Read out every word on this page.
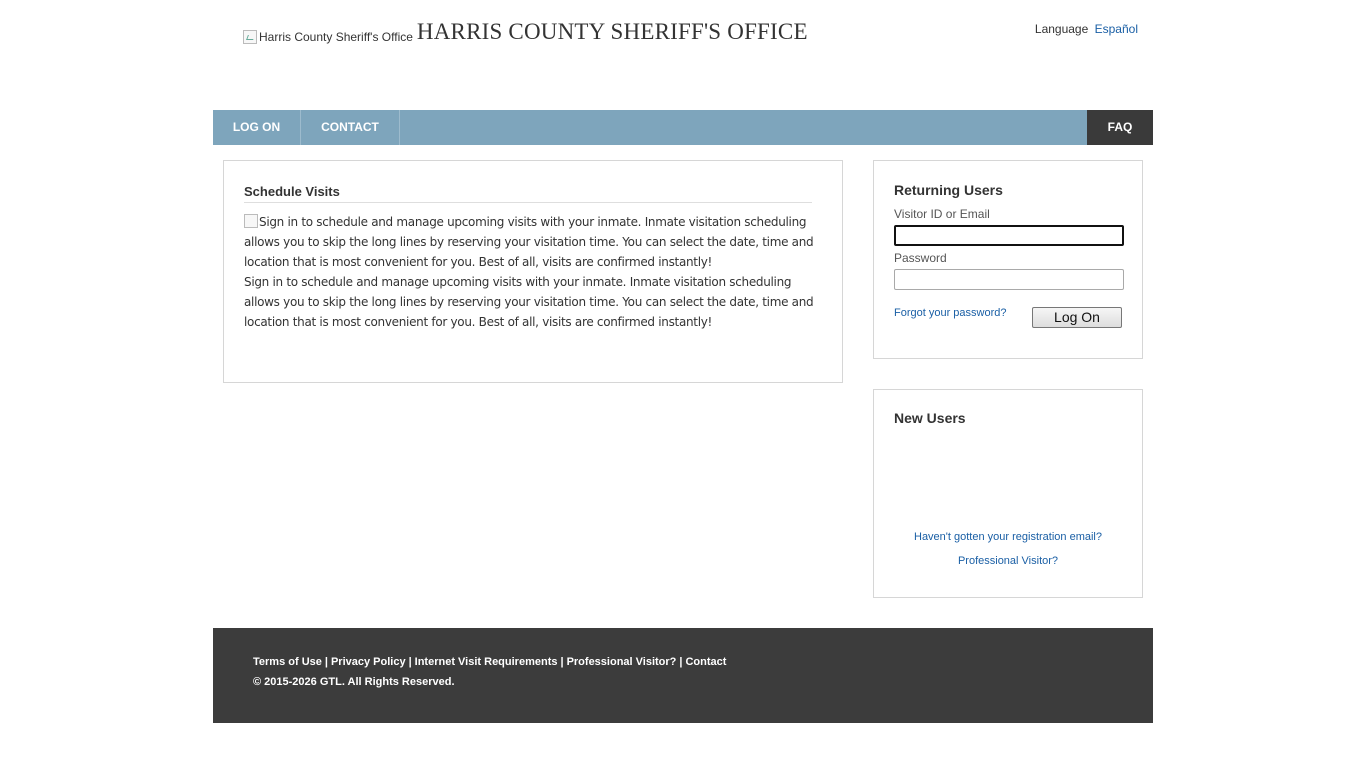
Harris County Sheriff's Office HARRIS COUNTY SHERIFF'S OFFICE	Language Español
LOG ON	CONTACT	FAQ
Schedule Visits
Sign in to schedule and manage upcoming visits with your inmate. Inmate visitation scheduling allows you to skip the long lines by reserving your visitation time. You can select the date, time and location that is most convenient for you. Best of all, visits are confirmed instantly!
Sign in to schedule and manage upcoming visits with your inmate. Inmate visitation scheduling allows you to skip the long lines by reserving your visitation time. You can select the date, time and location that is most convenient for you. Best of all, visits are confirmed instantly!
Returning Users
Visitor ID or Email
Password
Forgot your password?	Log On
New Users
Haven't gotten your registration email?
Professional Visitor?
Terms of Use | Privacy Policy | Internet Visit Requirements | Professional Visitor? | Contact
© 2015-2026 GTL. All Rights Reserved.
